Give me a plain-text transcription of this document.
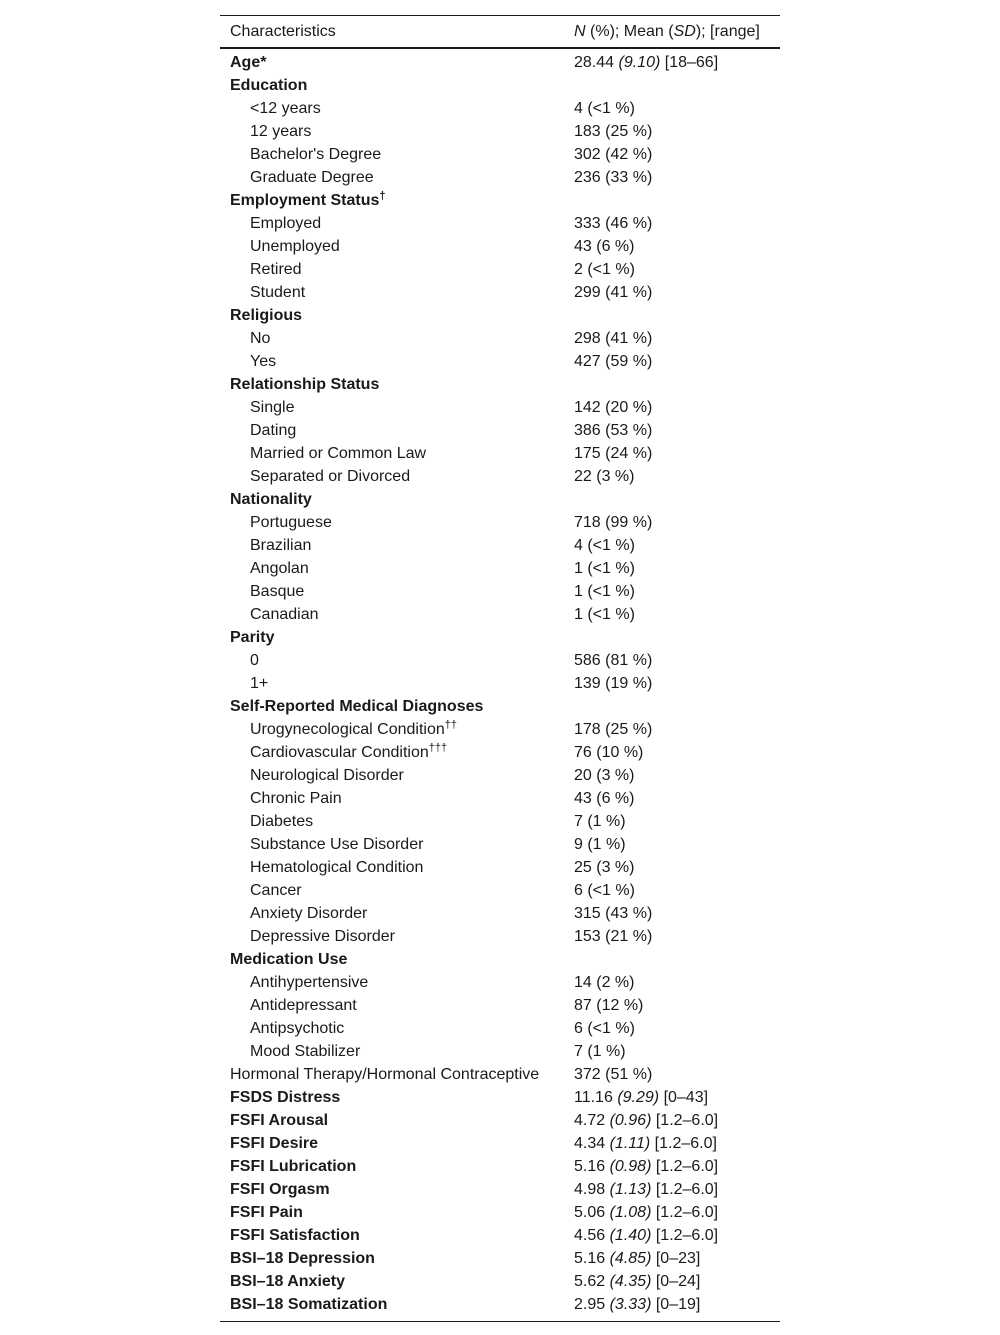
Characteristics	N (%); Mean (SD); [range]
Age*	28.44 (9.10) [18–66]
Education
<12 years	4 (<1 %)
12 years	183 (25 %)
Bachelor's Degree	302 (42 %)
Graduate Degree	236 (33 %)
Employment Status†
Employed	333 (46 %)
Unemployed	43 (6 %)
Retired	2 (<1 %)
Student	299 (41 %)
Religious
No	298 (41 %)
Yes	427 (59 %)
Relationship Status
Single	142 (20 %)
Dating	386 (53 %)
Married or Common Law	175 (24 %)
Separated or Divorced	22 (3 %)
Nationality
Portuguese	718 (99 %)
Brazilian	4 (<1 %)
Angolan	1 (<1 %)
Basque	1 (<1 %)
Canadian	1 (<1 %)
Parity
0	586 (81 %)
1+	139 (19 %)
Self-Reported Medical Diagnoses
Urogynecological Condition††	178 (25 %)
Cardiovascular Condition†††	76 (10 %)
Neurological Disorder	20 (3 %)
Chronic Pain	43 (6 %)
Diabetes	7 (1 %)
Substance Use Disorder	9 (1 %)
Hematological Condition	25 (3 %)
Cancer	6 (<1 %)
Anxiety Disorder	315 (43 %)
Depressive Disorder	153 (21 %)
Medication Use
Antihypertensive	14 (2 %)
Antidepressant	87 (12 %)
Antipsychotic	6 (<1 %)
Mood Stabilizer	7 (1 %)
Hormonal Therapy/Hormonal Contraceptive	372 (51 %)
FSDS Distress	11.16 (9.29) [0–43]
FSFI Arousal	4.72 (0.96) [1.2–6.0]
FSFI Desire	4.34 (1.11) [1.2–6.0]
FSFI Lubrication	5.16 (0.98) [1.2–6.0]
FSFI Orgasm	4.98 (1.13) [1.2–6.0]
FSFI Pain	5.06 (1.08) [1.2–6.0]
FSFI Satisfaction	4.56 (1.40) [1.2–6.0]
BSI–18 Depression	5.16 (4.85) [0–23]
BSI–18 Anxiety	5.62 (4.35) [0–24]
BSI–18 Somatization	2.95 (3.33) [0–19]
